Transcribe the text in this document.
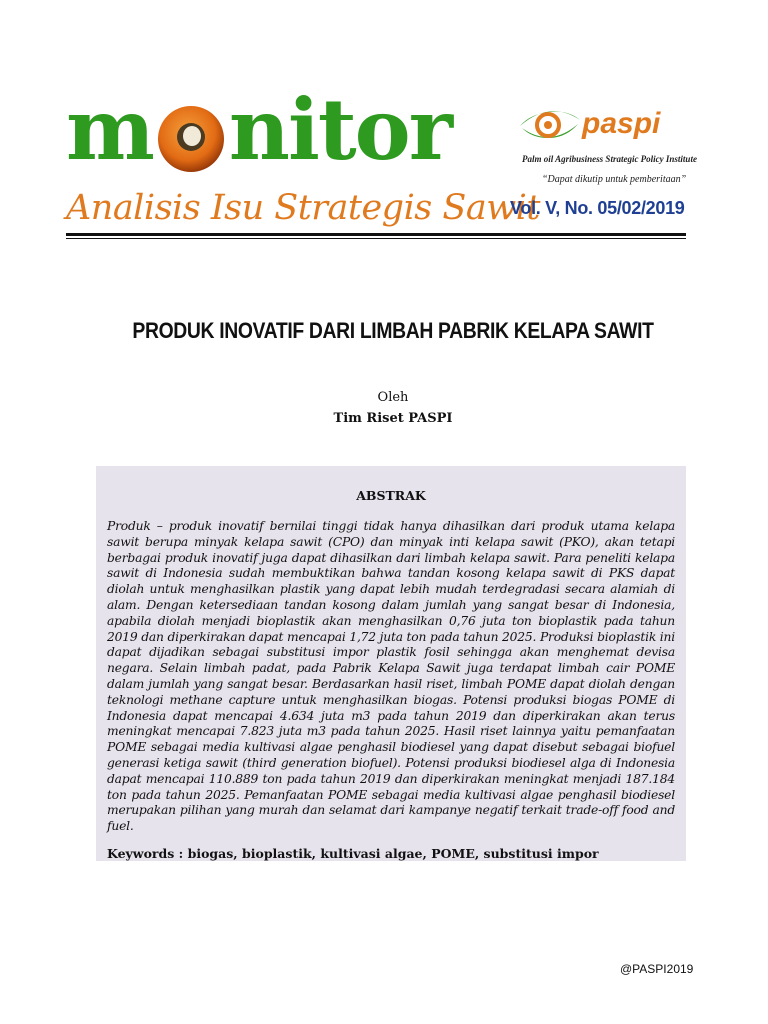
m nitor	paspi
Palm oil Agribusiness Strategic Policy Institute
“Dapat dikutip untuk pemberitaan”
Analisis Isu Strategis Sawit
Vol. V, No. 05/02/2019
PRODUK INOVATIF DARI LIMBAH PABRIK KELAPA SAWIT
Oleh
Tim Riset PASPI
ABSTRAK
Produk – produk inovatif bernilai tinggi tidak hanya dihasilkan dari produk utama kelapa sawit berupa minyak kelapa sawit (CPO) dan minyak inti kelapa sawit (PKO), akan tetapi berbagai produk inovatif juga dapat dihasilkan dari limbah kelapa sawit. Para peneliti kelapa sawit di Indonesia sudah membuktikan bahwa tandan kosong kelapa sawit di PKS dapat diolah untuk menghasilkan plastik yang dapat lebih mudah terdegradasi secara alamiah di alam. Dengan ketersediaan tandan kosong dalam jumlah yang sangat besar di Indonesia, apabila diolah menjadi bioplastik akan menghasilkan 0,76 juta ton bioplastik pada tahun 2019 dan diperkirakan dapat mencapai 1,72 juta ton pada tahun 2025. Produksi bioplastik ini dapat dijadikan sebagai substitusi impor plastik fosil sehingga akan menghemat devisa negara. Selain limbah padat, pada Pabrik Kelapa Sawit juga terdapat limbah cair POME dalam jumlah yang sangat besar. Berdasarkan hasil riset, limbah POME dapat diolah dengan teknologi methane capture untuk menghasilkan biogas. Potensi produksi biogas POME di Indonesia dapat mencapai 4.634 juta m3 pada tahun 2019 dan diperkirakan akan terus meningkat mencapai 7.823 juta m3 pada tahun 2025. Hasil riset lainnya yaitu pemanfaatan POME sebagai media kultivasi algae penghasil biodiesel yang dapat disebut sebagai biofuel generasi ketiga sawit (third generation biofuel). Potensi produksi biodiesel alga di Indonesia dapat mencapai 110.889 ton pada tahun 2019 dan diperkirakan meningkat menjadi 187.184 ton pada tahun 2025. Pemanfaatan POME sebagai media kultivasi algae penghasil biodiesel merupakan pilihan yang murah dan selamat dari kampanye negatif terkait trade-off food and fuel.
Keywords : biogas, bioplastik, kultivasi algae, POME, substitusi impor
@PASPI2019
